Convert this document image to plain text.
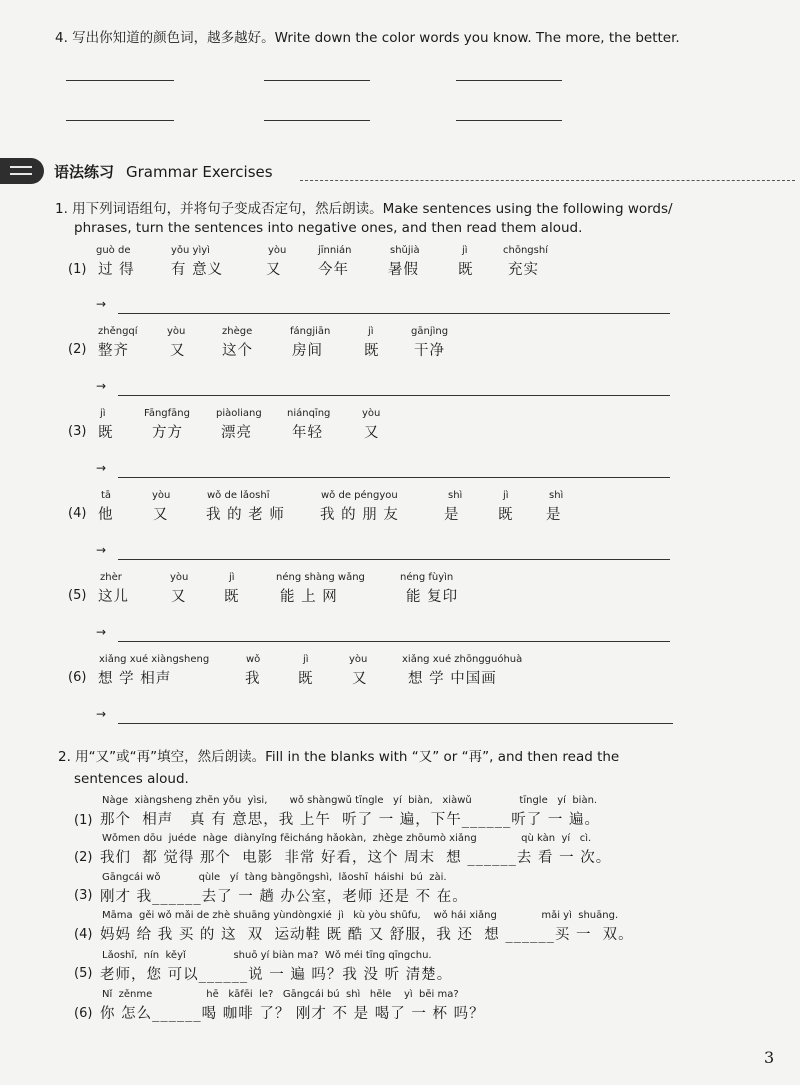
4. 写出你知道的颜色词，越多越好。Write down the color words you know. The more, the better.
语法练习 Grammar Exercises
1. 用下列词语组句，并将句子变成否定句，然后朗读。Make sentences using the following words/
phrases, turn the sentences into negative ones, and then read them aloud.
(1)
guò de
过 得
yǒu yìyì
有 意义
yòu
又
jīnnián
今年
shǔjià
暑假
jì
既
chōngshí
充实
→
(2)
zhěngqí
整齐
yòu
又
zhège
这个
fángjiān
房间
jì
既
gānjìng
干净
→
(3)
jì
既
Fāngfāng
方方
piàoliang
漂亮
niánqīng
年轻
yòu
又
→
(4)
tā
他
yòu
又
wǒ de lǎoshī
我 的 老 师
wǒ de péngyou
我 的 朋 友
shì
是
jì
既
shì
是
→
(5)
zhèr
这儿
yòu
又
jì
既
néng shàng wǎng
能 上 网
néng fùyìn
能 复印
→
(6)
xiǎng xué xiàngsheng
想 学 相声
wǒ
我
jì
既
yòu
又
xiǎng xué zhōngguóhuà
想 学 中国画
→
2. 用“又”或“再”填空，然后朗读。Fill in the blanks with “又” or “再”, and then read the
sentences aloud.
(1)
Nàge  xiàngsheng zhēn yǒu  yìsi,       wǒ shàngwǔ tīngle   yí  biàn,   xiàwǔ               tīngle   yí  biàn.
那个  相声   真 有 意思，我 上午  听了 一 遍，下午______听了 一 遍。
(2)
Wǒmen dōu  juéde  nàge  diànyǐng fēicháng hǎokàn,  zhège zhōumò xiǎng              qù kàn  yí   cì.
我们  都 觉得 那个  电影  非常 好看，这个 周末  想 ______去 看 一 次。
(3)
Gāngcái wǒ            qùle   yí  tàng bàngōngshì,  lǎoshī  háishi  bú  zài.
刚才 我______去了 一 趟 办公室，老师 还是 不 在。
(4)
Māma  gěi wǒ mǎi de zhè shuāng yùndòngxié  jì   kù yòu shūfu,    wǒ hái xiǎng              mǎi yì  shuāng.
妈妈 给 我 买 的 这  双  运动鞋 既 酷 又 舒服，我 还  想 ______买 一  双。
(5)
Lǎoshī,  nín  kěyǐ               shuō yí biàn ma?  Wǒ méi tīng qīngchu.
老师，您 可以______说 一 遍 吗？我 没 听 清楚。
(6)
Nǐ  zěnme                 hē   kāfēi  le?   Gāngcái bú  shì   hēle    yì  bēi ma?
你 怎么______喝 咖啡 了？ 刚才 不 是 喝了 一 杯 吗？
3
